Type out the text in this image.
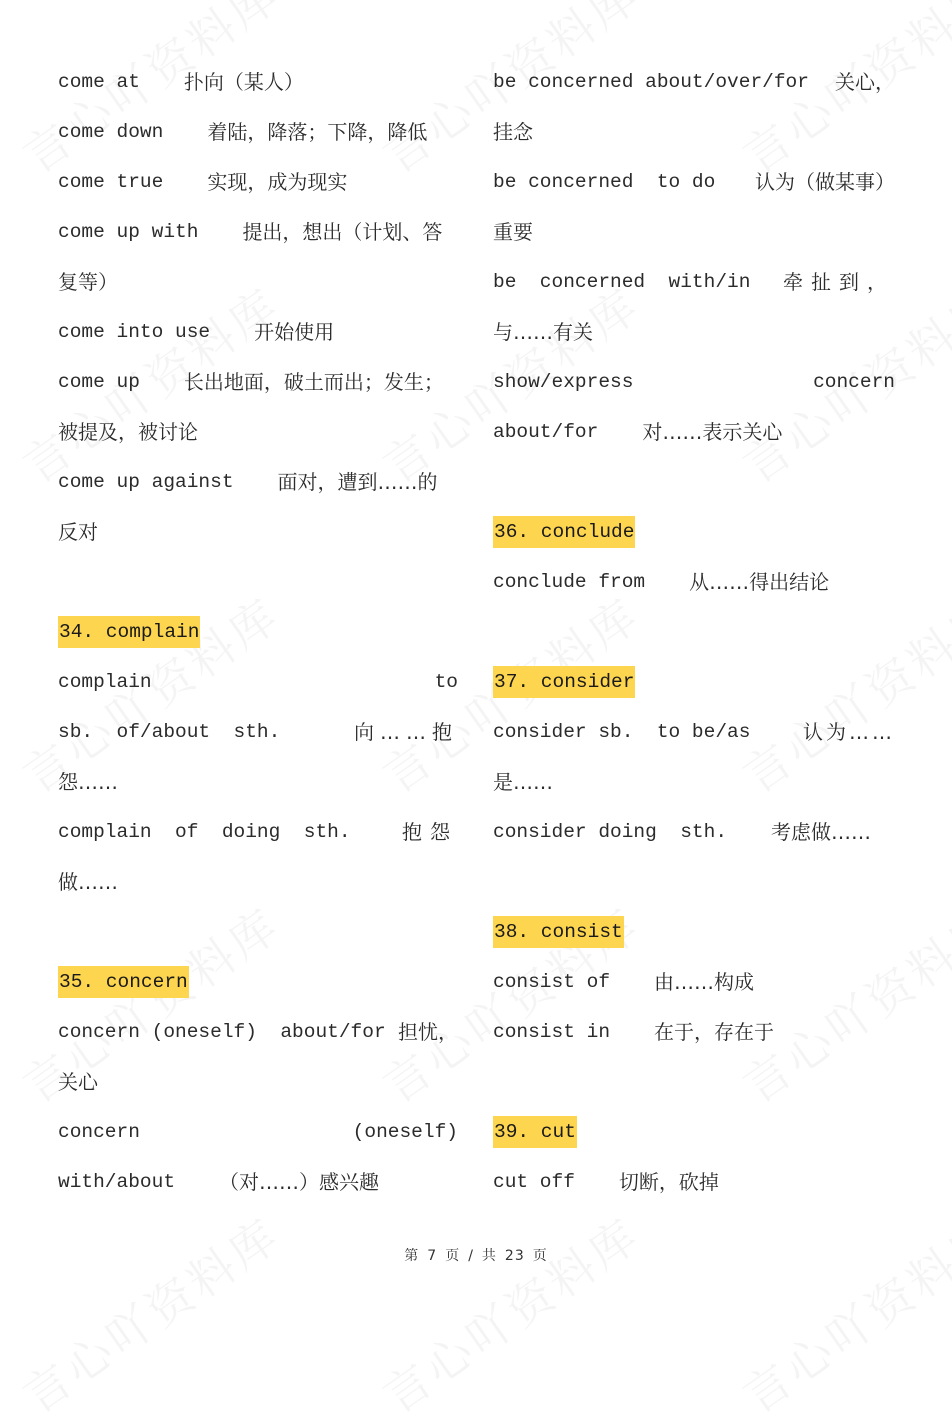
come at 扑向（某人）
come down 着陆，降落；下降，降低
come true 实现，成为现实
come up with 提出，想出（计划、答
复等）
come into use 开始使用
come up 长出地面，破土而出；发生；
被提及，被讨论
come up against 面对，遭到……的
反对
34. complain
complain	to
sb.  of/about  sth.	向……抱
怨……
complain  of  doing  sth.	抱怨
做……
35. concern
concern (oneself)  about/for 担忧，
关心
concern	(oneself)
with/about （对……）感兴趣
be concerned about/over/for 关心，
挂念
be concerned  to do 认为（做某事）
重要
be  concerned  with/in 牵扯到，
与……有关
show/express	concern
about/for 对……表示关心
36. conclude
conclude from 从……得出结论
37. consider
consider sb.  to be/as	认为……
是……
consider doing  sth. 考虑做……
38. consist
consist of 由……构成
consist in 在于，存在于
39. cut
cut off 切断，砍掉
第 7 页 / 共 23 页
